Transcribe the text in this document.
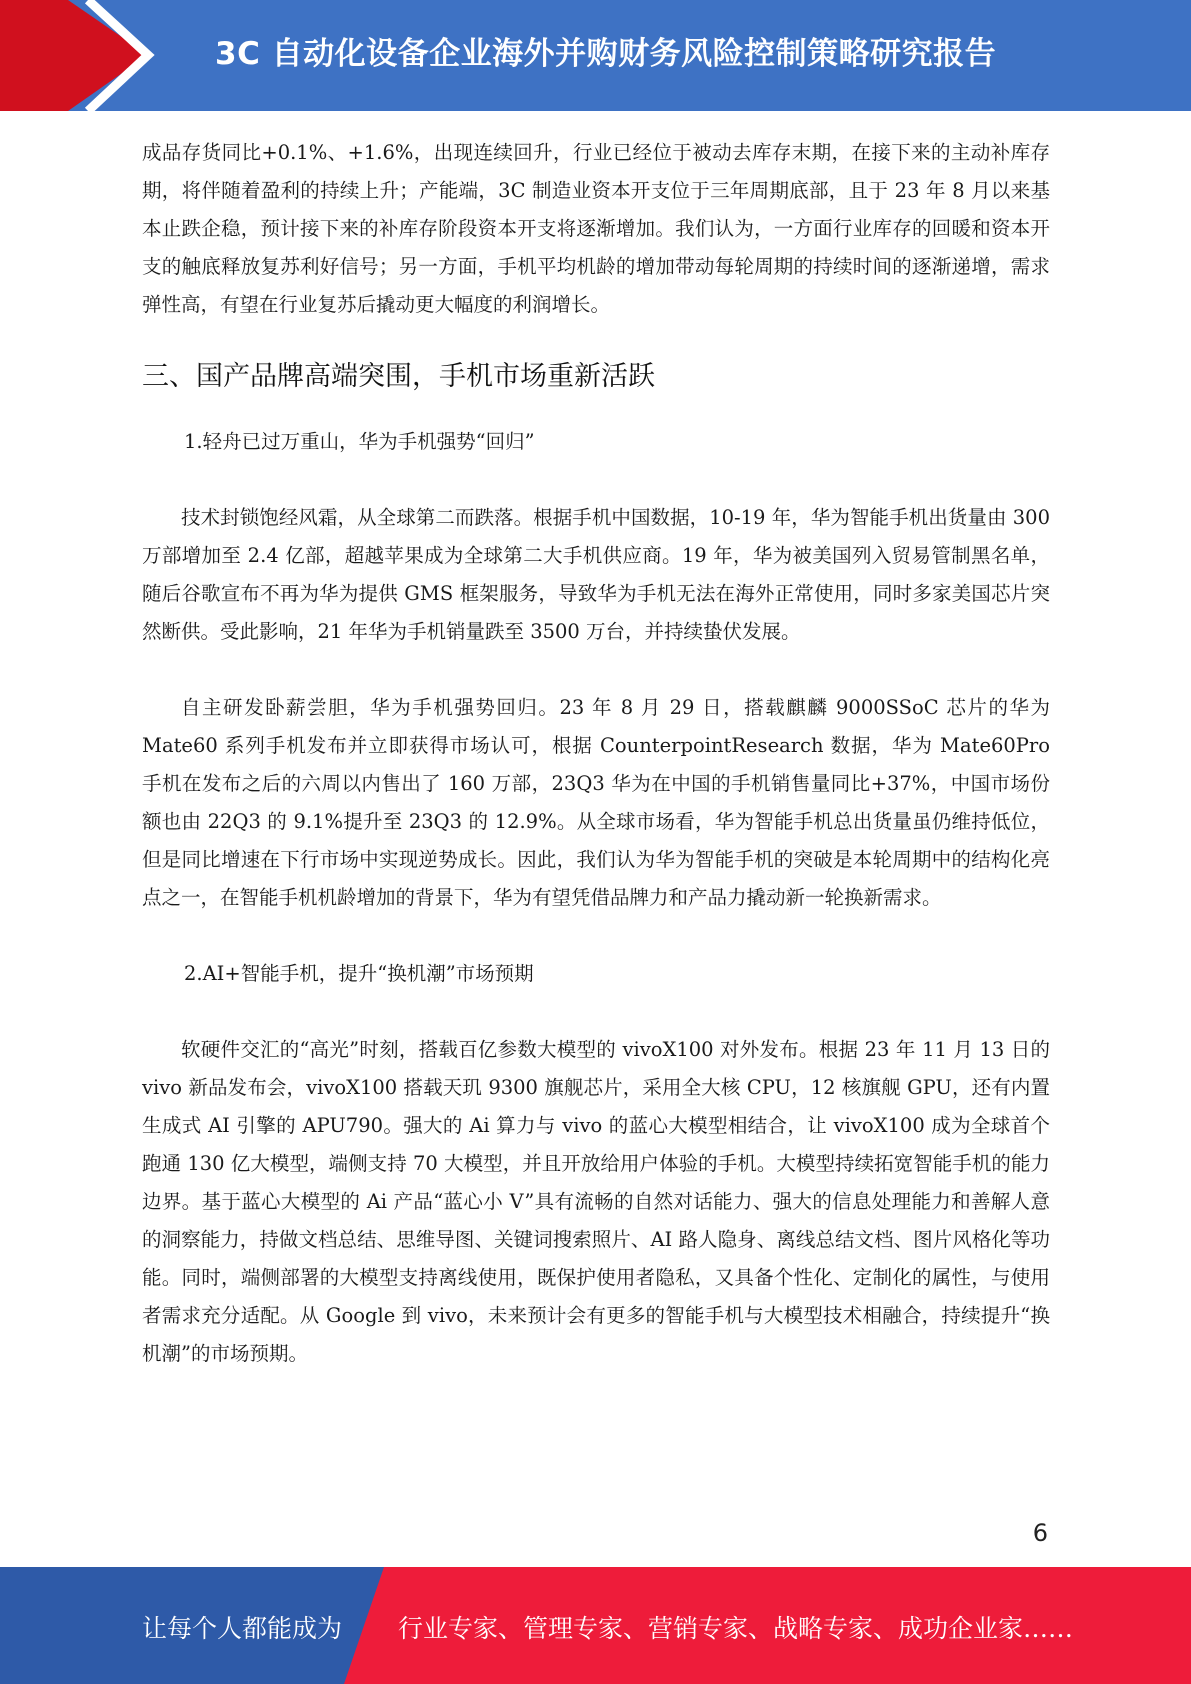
3C 自动化设备企业海外并购财务风险控制策略研究报告

成品存货同比+0.1%、+1.6%，出现连续回升，行业已经位于被动去库存末期，在接下来的主动补库存期，将伴随着盈利的持续上升；产能端，3C 制造业资本开支位于三年周期底部，且于 23 年 8 月以来基本止跌企稳，预计接下来的补库存阶段资本开支将逐渐增加。我们认为，一方面行业库存的回暖和资本开支的触底释放复苏利好信号；另一方面，手机平均机龄的增加带动每轮周期的持续时间的逐渐递增，需求弹性高，有望在行业复苏后撬动更大幅度的利润增长。

三、国产品牌高端突围，手机市场重新活跃

1.轻舟已过万重山，华为手机强势“回归”

技术封锁饱经风霜，从全球第二而跌落。根据手机中国数据，10-19 年，华为智能手机出货量由 300 万部增加至 2.4 亿部，超越苹果成为全球第二大手机供应商。19 年，华为被美国列入贸易管制黑名单，随后谷歌宣布不再为华为提供 GMS 框架服务，导致华为手机无法在海外正常使用，同时多家美国芯片突然断供。受此影响，21 年华为手机销量跌至 3500 万台，并持续蛰伏发展。

自主研发卧薪尝胆，华为手机强势回归。23 年 8 月 29 日，搭载麒麟 9000SSoC 芯片的华为Mate60 系列手机发布并立即获得市场认可，根据 CounterpointResearch 数据，华为 Mate60Pro 手机在发布之后的六周以内售出了 160 万部，23Q3 华为在中国的手机销售量同比+37%，中国市场份额也由 22Q3 的 9.1%提升至 23Q3 的 12.9%。从全球市场看，华为智能手机总出货量虽仍维持低位，但是同比增速在下行市场中实现逆势成长。因此，我们认为华为智能手机的突破是本轮周期中的结构化亮点之一，在智能手机机龄增加的背景下，华为有望凭借品牌力和产品力撬动新一轮换新需求。

2.AI+智能手机，提升“换机潮”市场预期

软硬件交汇的“高光”时刻，搭载百亿参数大模型的 vivoX100 对外发布。根据 23 年 11 月 13 日的 vivo 新品发布会，vivoX100 搭载天玑 9300 旗舰芯片，采用全大核 CPU，12 核旗舰 GPU，还有内置生成式 AI 引擎的 APU790。强大的 Ai 算力与 vivo 的蓝心大模型相结合，让 vivoX100 成为全球首个跑通 130 亿大模型，端侧支持 70 大模型，并且开放给用户体验的手机。大模型持续拓宽智能手机的能力边界。基于蓝心大模型的 Ai 产品“蓝心小 V”具有流畅的自然对话能力、强大的信息处理能力和善解人意的洞察能力，持做文档总结、思维导图、关键词搜索照片、AI 路人隐身、离线总结文档、图片风格化等功能。同时，端侧部署的大模型支持离线使用，既保护使用者隐私，又具备个性化、定制化的属性，与使用者需求充分适配。从 Google 到 vivo，未来预计会有更多的智能手机与大模型技术相融合，持续提升“换机潮”的市场预期。

6
让每个人都能成为 行业专家、管理专家、营销专家、战略专家、成功企业家……
